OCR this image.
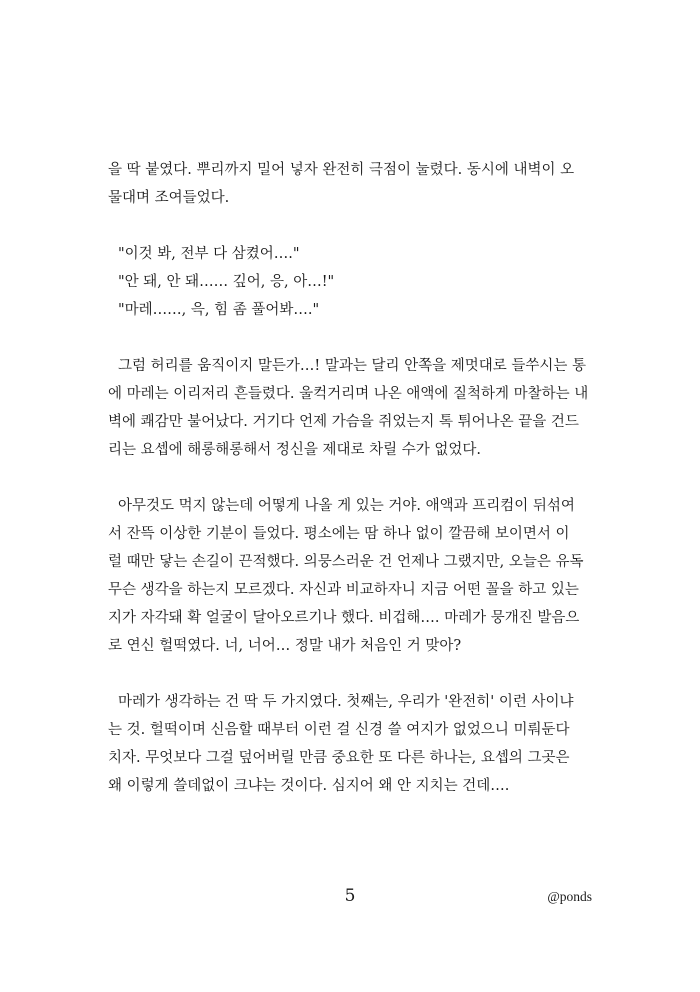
을 딱 붙였다. 뿌리까지 밀어 넣자 완전히 극점이 눌렸다. 동시에 내벽이 오

물대며 조여들었다.

"이것 봐, 전부 다 삼켰어…."

"안 돼, 안 돼…… 깊어, 응, 아…!"

"마레……, 윽, 힘 좀 풀어봐…."

그럼 허리를 움직이지 말든가…! 말과는 달리 안쪽을 제멋대로 들쑤시는 통

에 마레는 이리저리 흔들렸다. 울컥거리며 나온 애액에 질척하게 마찰하는 내

벽에 쾌감만 불어났다. 거기다 언제 가슴을 쥐었는지 톡 튀어나온 끝을 건드

리는 요셉에 해롱해롱해서 정신을 제대로 차릴 수가 없었다.

아무것도 먹지 않는데 어떻게 나올 게 있는 거야. 애액과 프리컴이 뒤섞여

서 잔뜩 이상한 기분이 들었다. 평소에는 땀 하나 없이 깔끔해 보이면서 이

럴 때만 닿는 손길이 끈적했다. 의뭉스러운 건 언제나 그랬지만, 오늘은 유독

무슨 생각을 하는지 모르겠다. 자신과 비교하자니 지금 어떤 꼴을 하고 있는

지가 자각돼 확 얼굴이 달아오르기나 했다. 비겁해…. 마레가 뭉개진 발음으

로 연신 헐떡였다. 너, 너어… 정말 내가 처음인 거 맞아?

마레가 생각하는 건 딱 두 가지였다. 첫째는, 우리가 '완전히' 이런 사이냐

는 것. 헐떡이며 신음할 때부터 이런 걸 신경 쓸 여지가 없었으니 미뤄둔다

치자. 무엇보다 그걸 덮어버릴 만큼 중요한 또 다른 하나는, 요셉의 그곳은

왜 이렇게 쓸데없이 크냐는 것이다. 심지어 왜 안 지치는 건데….

5	@ponds
